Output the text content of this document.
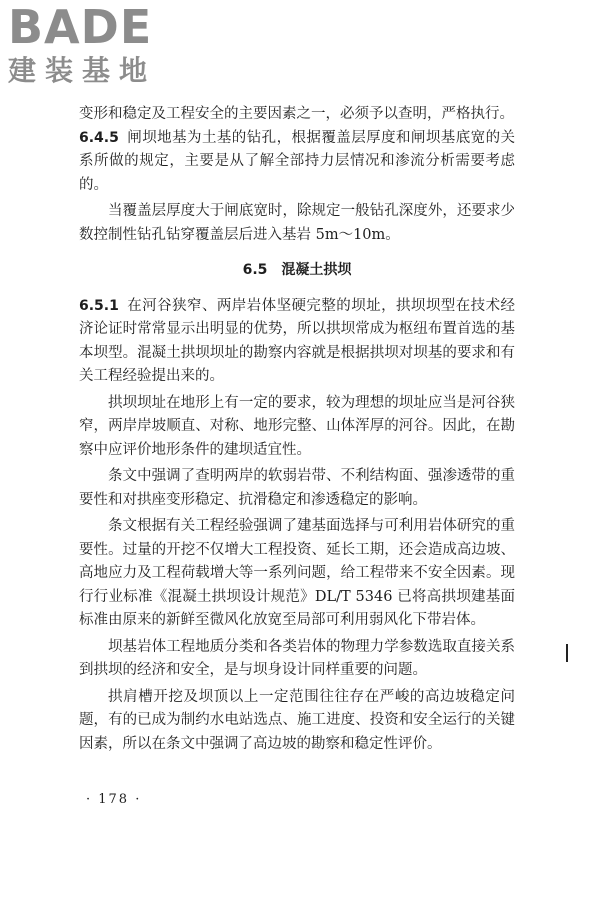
BADE
建装基地

变形和稳定及工程安全的主要因素之一，必须予以查明，严格执行。

6.4.5 闸坝地基为土基的钻孔，根据覆盖层厚度和闸坝基底宽的关系所做的规定，主要是从了解全部持力层情况和渗流分析需要考虑的。

当覆盖层厚度大于闸底宽时，除规定一般钻孔深度外，还要求少数控制性钻孔钻穿覆盖层后进入基岩 5m～10m。

6.5 混凝土拱坝

6.5.1 在河谷狭窄、两岸岩体坚硬完整的坝址，拱坝坝型在技术经济论证时常常显示出明显的优势，所以拱坝常成为枢纽布置首选的基本坝型。混凝土拱坝坝址的勘察内容就是根据拱坝对坝基的要求和有关工程经验提出来的。

拱坝坝址在地形上有一定的要求，较为理想的坝址应当是河谷狭窄，两岸岸坡顺直、对称、地形完整、山体浑厚的河谷。因此，在勘察中应评价地形条件的建坝适宜性。

条文中强调了查明两岸的软弱岩带、不利结构面、强渗透带的重要性和对拱座变形稳定、抗滑稳定和渗透稳定的影响。

条文根据有关工程经验强调了建基面选择与可利用岩体研究的重要性。过量的开挖不仅增大工程投资、延长工期，还会造成高边坡、高地应力及工程荷载增大等一系列问题，给工程带来不安全因素。现行行业标准《混凝土拱坝设计规范》DL/T 5346 已将高拱坝建基面标准由原来的新鲜至微风化放宽至局部可利用弱风化下带岩体。

坝基岩体工程地质分类和各类岩体的物理力学参数选取直接关系到拱坝的经济和安全，是与坝身设计同样重要的问题。

拱肩槽开挖及坝顶以上一定范围往往存在严峻的高边坡稳定问题，有的已成为制约水电站选点、施工进度、投资和安全运行的关键因素，所以在条文中强调了高边坡的勘察和稳定性评价。

· 178 ·
